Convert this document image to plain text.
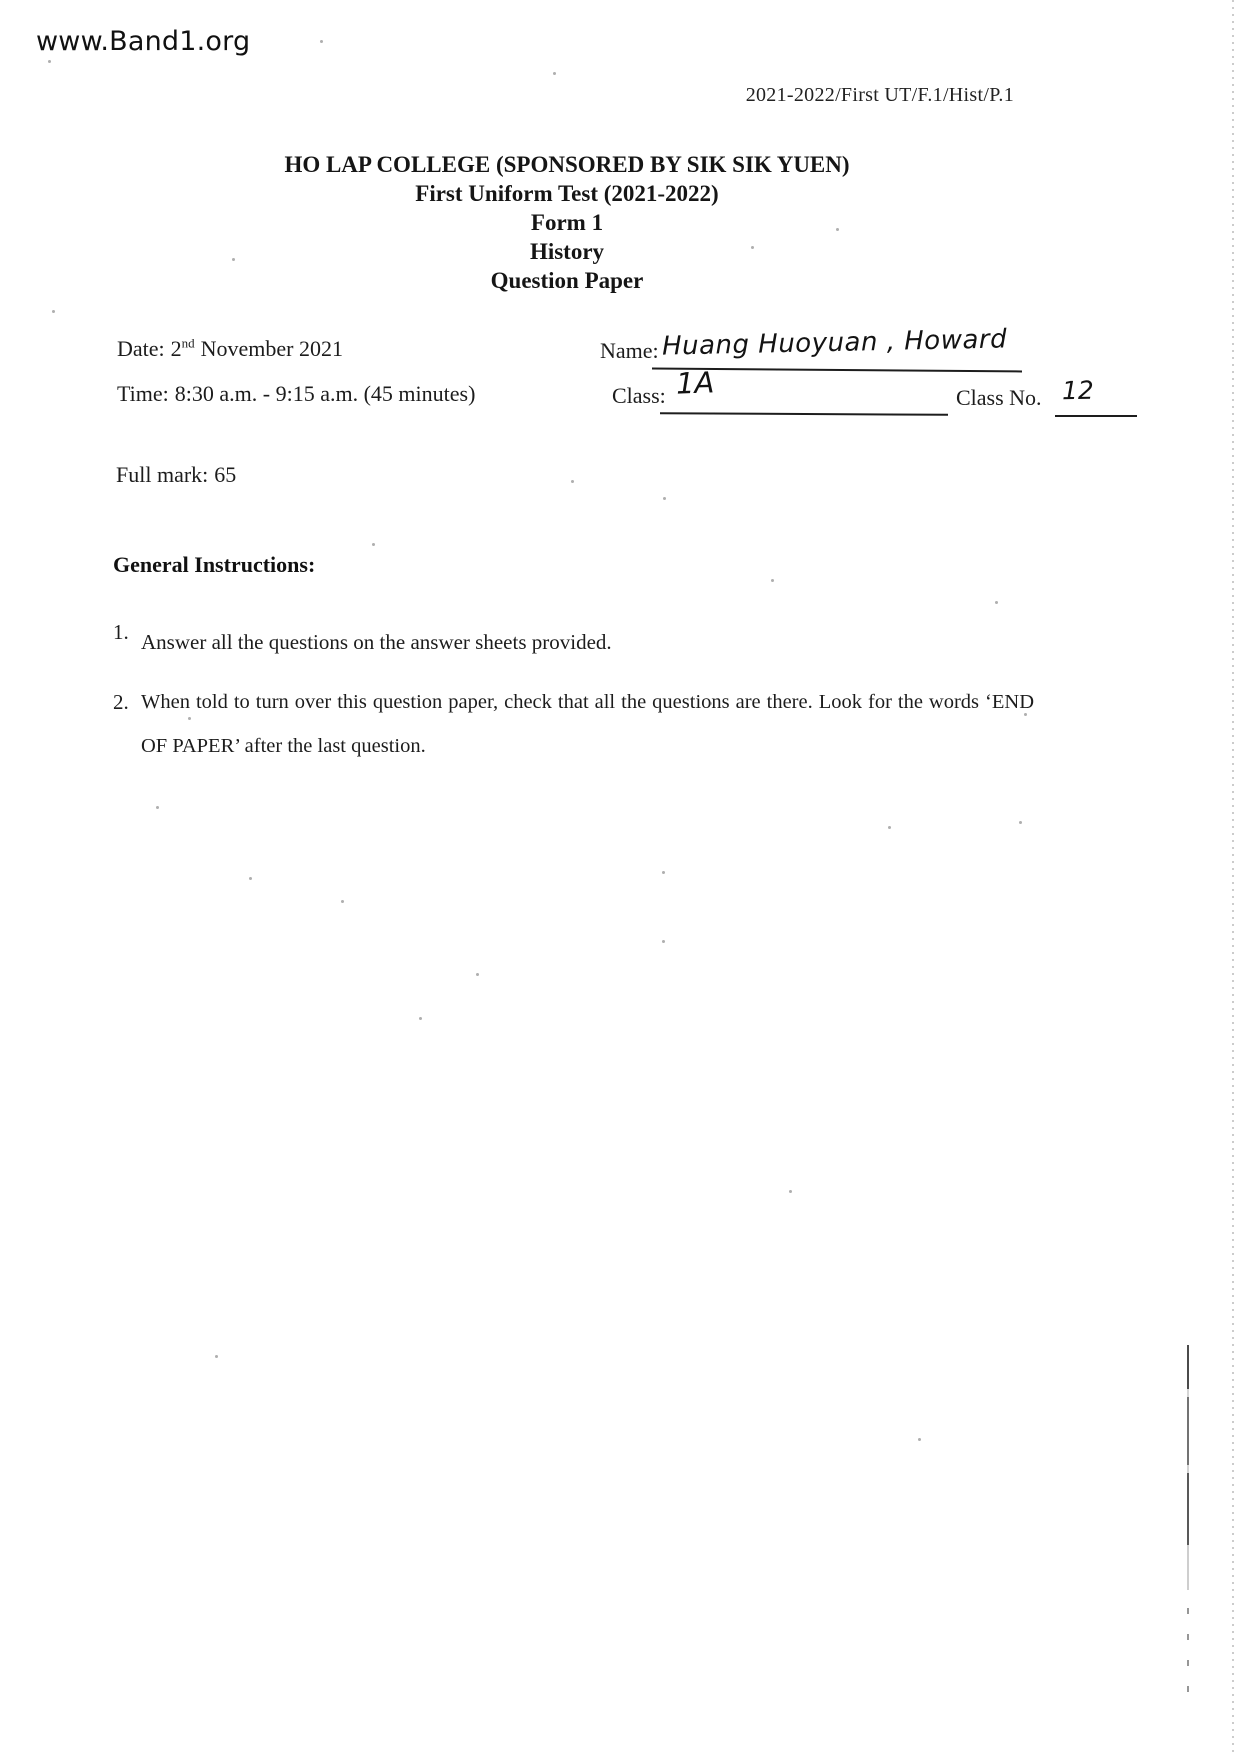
www.Band1.org
2021-2022/First UT/F.1/Hist/P.1
HO LAP COLLEGE (SPONSORED BY SIK SIK YUEN)
First Uniform Test (2021-2022)
Form 1
History
Question Paper
Date: 2nd November 2021
Time: 8:30 a.m. - 9:15 a.m. (45 minutes)
Name: Huang Huoyuan , Howard
Class: 1A	Class No. 12
Full mark: 65
General Instructions:
1. Answer all the questions on the answer sheets provided.
2. When told to turn over this question paper, check that all the questions are there. Look for the words ‘END OF PAPER’ after the last question.
